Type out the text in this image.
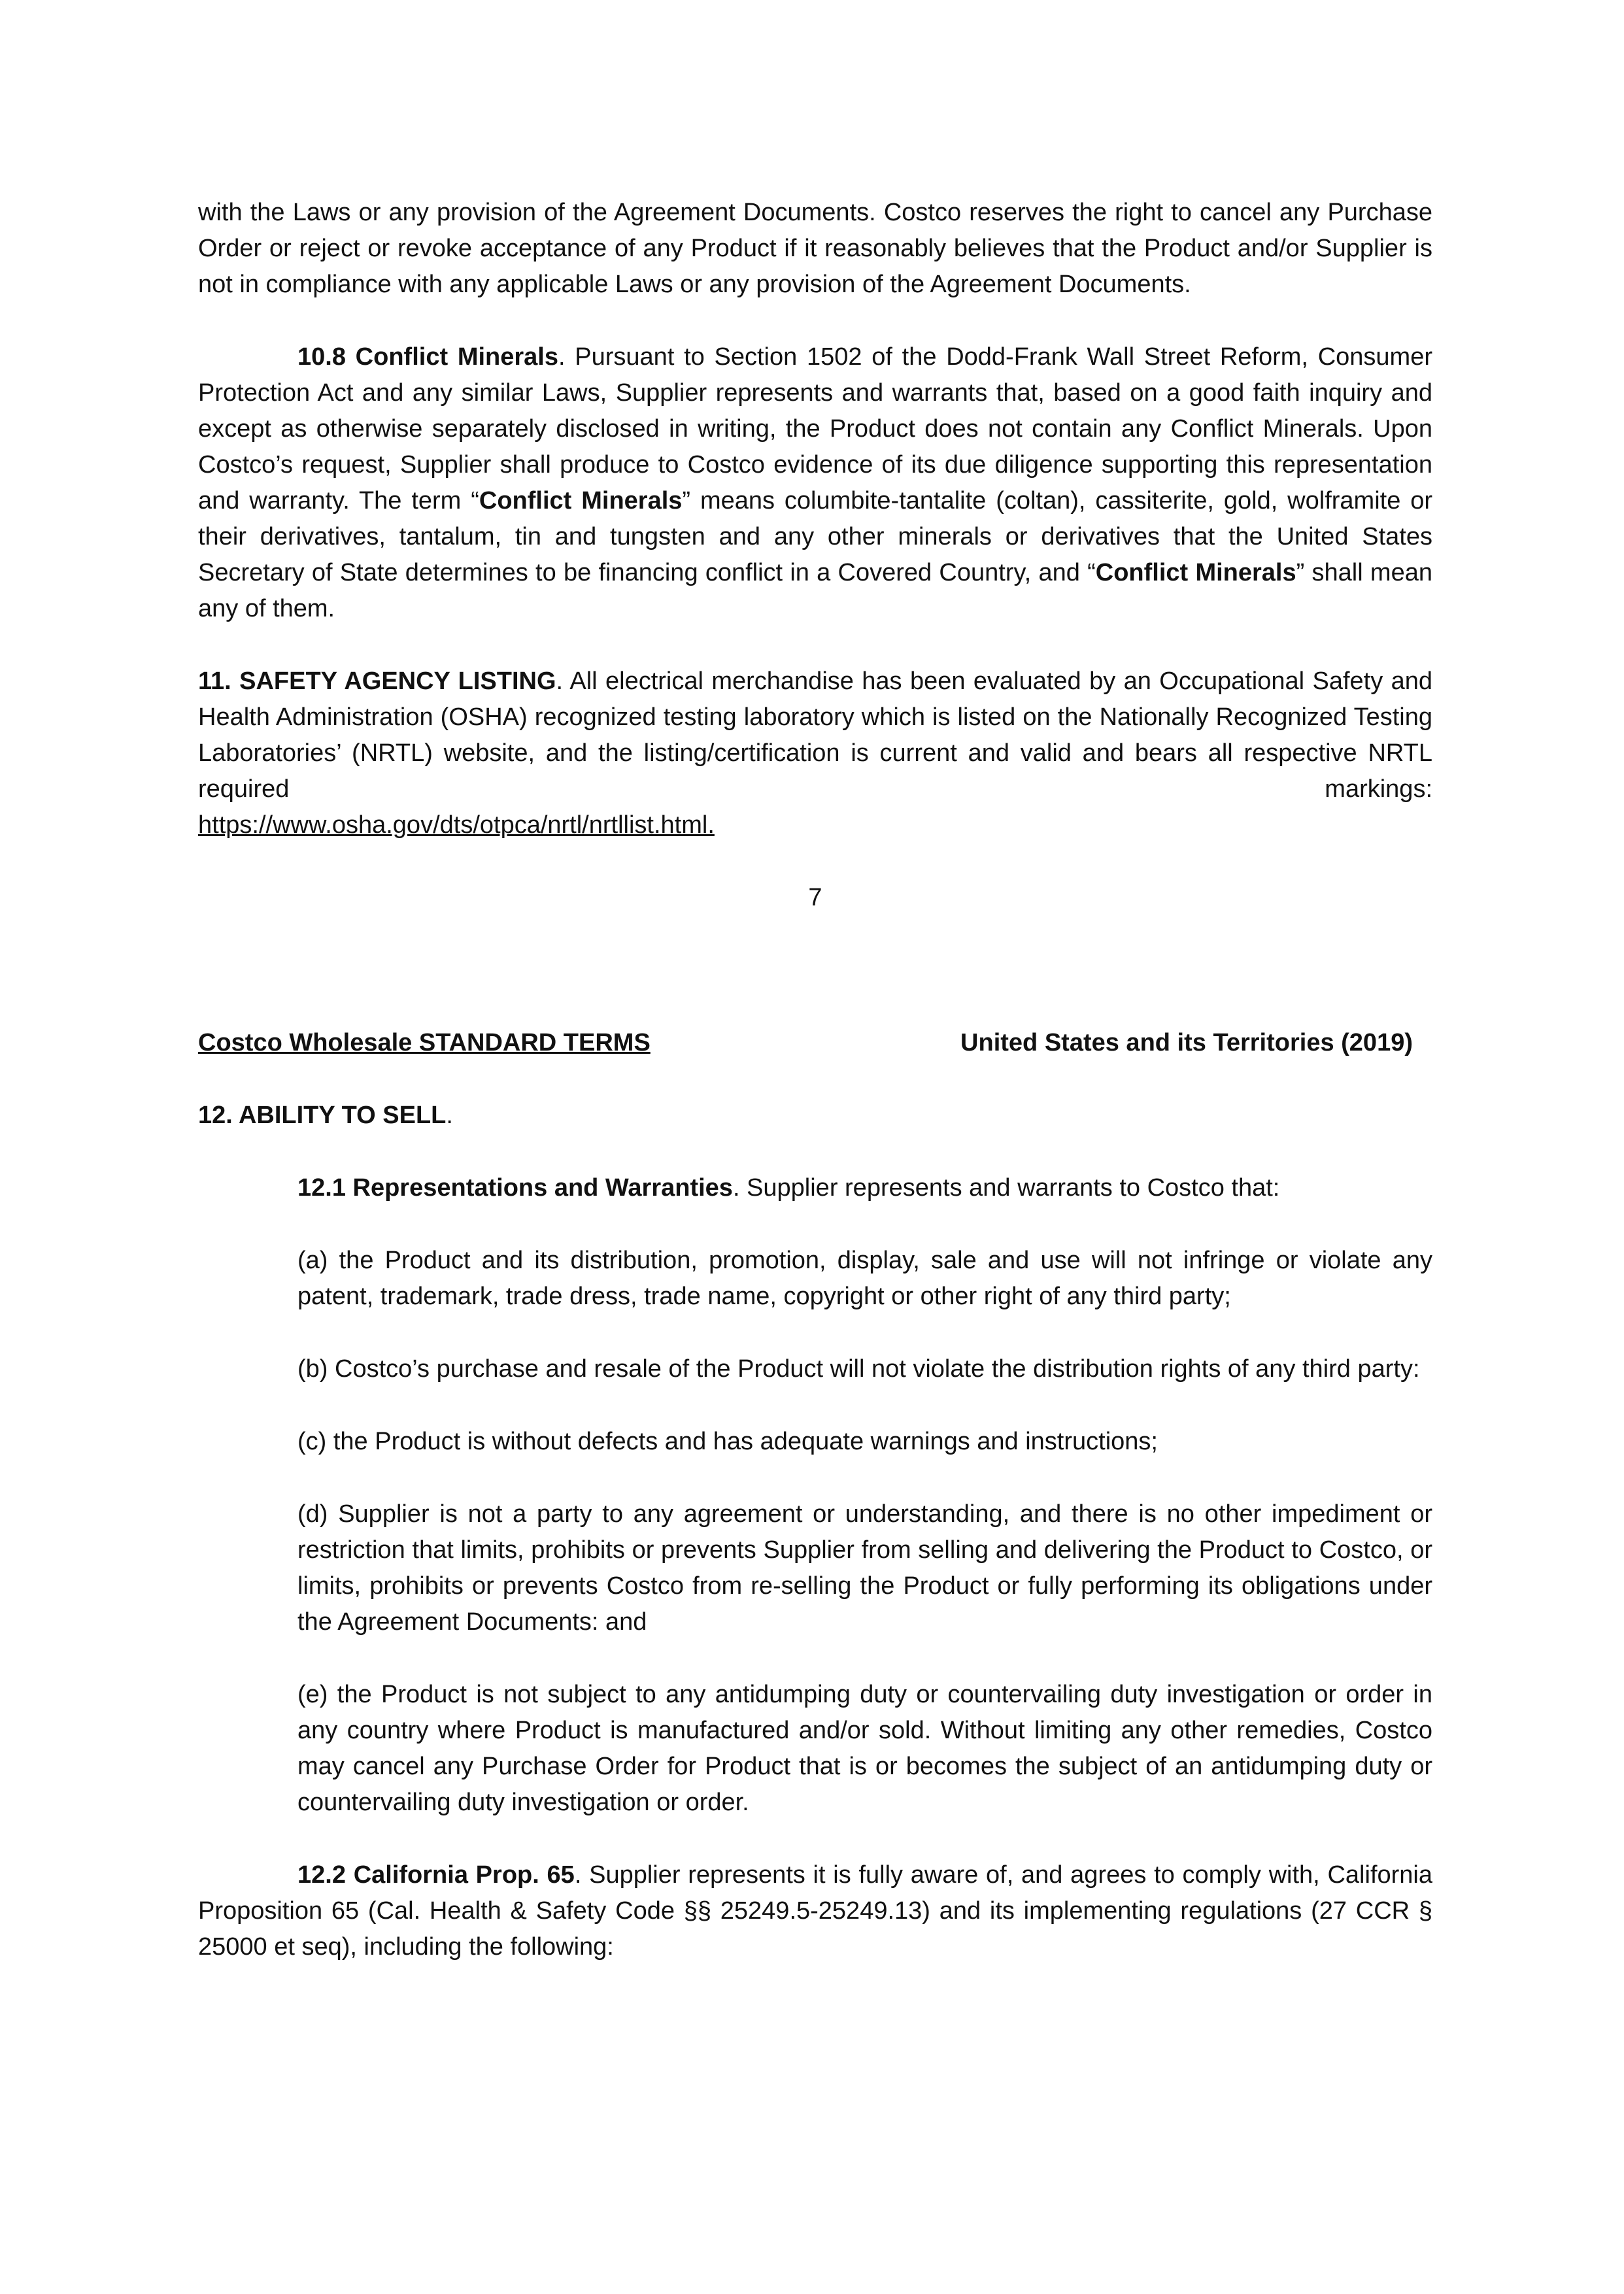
with the Laws or any provision of the Agreement Documents. Costco reserves the right to cancel any Purchase Order or reject or revoke acceptance of any Product if it reasonably believes that the Product and/or Supplier is not in compliance with any applicable Laws or any provision of the Agreement Documents.

10.8 Conflict Minerals. Pursuant to Section 1502 of the Dodd-Frank Wall Street Reform, Consumer Protection Act and any similar Laws, Supplier represents and warrants that, based on a good faith inquiry and except as otherwise separately disclosed in writing, the Product does not contain any Conflict Minerals. Upon Costco’s request, Supplier shall produce to Costco evidence of its due diligence supporting this representation and warranty. The term “Conflict Minerals” means columbite-tantalite (coltan), cassiterite, gold, wolframite or their derivatives, tantalum, tin and tungsten and any other minerals or derivatives that the United States Secretary of State determines to be financing conflict in a Covered Country, and “Conflict Minerals” shall mean any of them.

11. SAFETY AGENCY LISTING. All electrical merchandise has been evaluated by an Occupational Safety and Health Administration (OSHA) recognized testing laboratory which is listed on the Nationally Recognized Testing Laboratories’ (NRTL) website, and the listing/certification is current and valid and bears all respective NRTL required markings:

https://www.osha.gov/dts/otpca/nrtl/nrtllist.html.

7
Costco Wholesale STANDARD TERMS	United States and its Territories (2019)

12. ABILITY TO SELL.

12.1 Representations and Warranties. Supplier represents and warrants to Costco that:

(a) the Product and its distribution, promotion, display, sale and use will not infringe or violate any patent, trademark, trade dress, trade name, copyright or other right of any third party;

(b) Costco’s purchase and resale of the Product will not violate the distribution rights of any third party:

(c) the Product is without defects and has adequate warnings and instructions;

(d) Supplier is not a party to any agreement or understanding, and there is no other impediment or restriction that limits, prohibits or prevents Supplier from selling and delivering the Product to Costco, or limits, prohibits or prevents Costco from re-selling the Product or fully performing its obligations under the Agreement Documents: and

(e) the Product is not subject to any antidumping duty or countervailing duty investigation or order in any country where Product is manufactured and/or sold. Without limiting any other remedies, Costco may cancel any Purchase Order for Product that is or becomes the subject of an antidumping duty or countervailing duty investigation or order.

12.2 California Prop. 65. Supplier represents it is fully aware of, and agrees to comply with, California Proposition 65 (Cal. Health & Safety Code §§ 25249.5-25249.13) and its implementing regulations (27 CCR § 25000 et seq), including the following:
